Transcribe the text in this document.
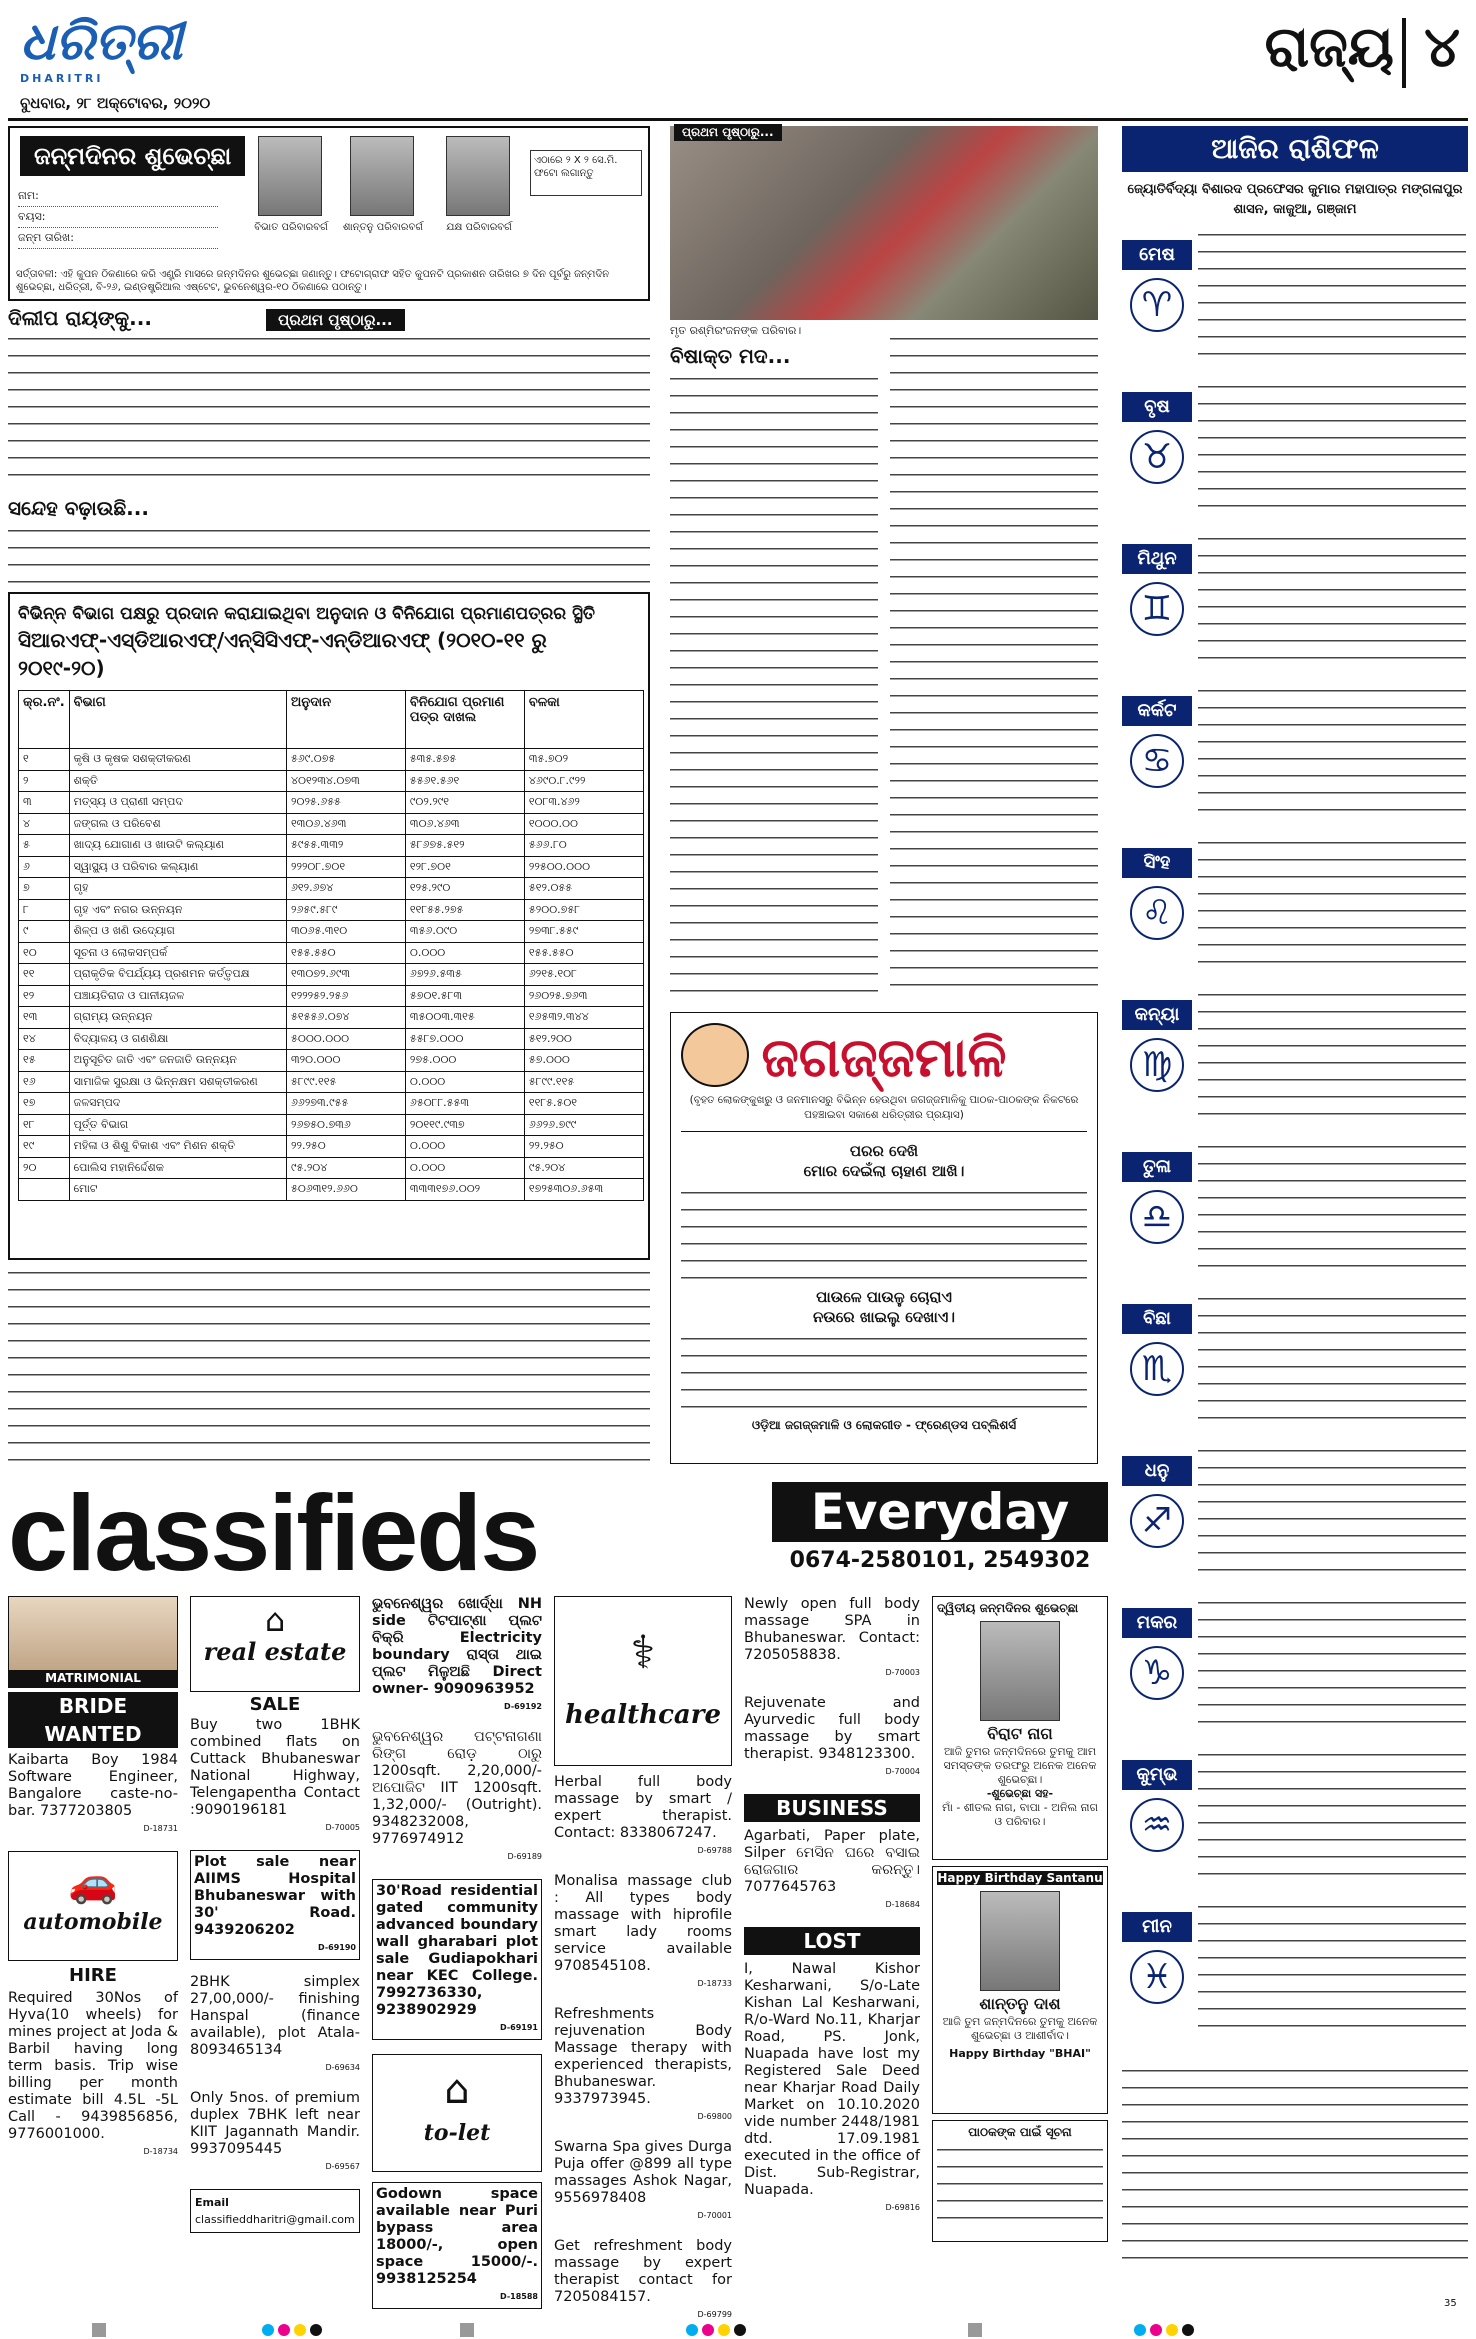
ଧରିତ୍ରୀ
DHARITRI
ବୁଧବାର, ୨୮ ଅକ୍ଟୋବର, ୨୦୨୦
ରାଜ୍ୟ ୪
ଜନ୍ମଦିନର ଶୁଭେଚ୍ଛା
ନାମ:
ବୟସ:
ଜନ୍ମ ତାରିଖ:
ବିଭାତ ପରିବାରବର୍ଗ	ଶାନ୍ତନୁ ପରିବାରବର୍ଗ	ଯକ୍ଷ ପରିବାରବର୍ଗ
ଏଠାରେ ୨ X ୨ ସେ.ମି. ଫଟୋ ଲଗାନ୍ତୁ
ସର୍ତ୍ତାବଳୀ: ଏହି କୁପନ ଠିକଣାରେ କରି ଏଣ୍ଟ୍ରି ମାସରେ ଜନ୍ମଦିନର ଶୁଭେଚ୍ଛା ଜଣାନ୍ତୁ। ଫଟୋଗ୍ରାଫ ସହିତ କୁପନଟି ପ୍ରକାଶନ ତାରିଖର ୭ ଦିନ ପୂର୍ବରୁ ଜନ୍ମଦିନ ଶୁଭେଚ୍ଛା, ଧରିତ୍ରୀ, ବି-୨୬, ଇଣ୍ଡଷ୍ଟ୍ରିଆଲ ଏଷ୍ଟେଟ, ଭୁବନେଶ୍ୱର-୧୦ ଠିକଣାରେ ପଠାନ୍ତୁ।
ଦିଲୀପ ରାୟଙ୍କୁ...	ପ୍ରଥମ ପୃଷ୍ଠାରୁ...
ସନ୍ଦେହ ବଢ଼ାଉଛି...
ବିଭିନ୍ନ ବିଭାଗ ପକ୍ଷରୁ ପ୍ରଦାନ କରାଯାଇଥିବା ଅନୁଦାନ ଓ ବିନିଯୋଗ ପ୍ରମାଣପତ୍ରର ସ୍ଥିତି
ସିଆରଏଫ୍-ଏସ୍ଡିଆରଏଫ୍/ଏନ୍ସିସିଏଫ୍-ଏନ୍ଡିଆରଏଫ୍ (୨୦୧୦-୧୧ ରୁ ୨୦୧୯-୨୦)
କ୍ର.ନଂ.	ବିଭାଗ	ଅନୁଦାନ	ବିନିଯୋଗ ପ୍ରମାଣ ପତ୍ର ଦାଖଲ	ବଳକା
୧	କୃଷି ଓ କୃଷକ ସଶକ୍ତୀକରଣ	୫୬୯.୦୭୫	୫୩୫.୫୭୫	୩୫.୭୦୨
୨	ଶକ୍ତି	୪୦୧୨୩୪.୦୭୩	୫୫୬୧.୫୬୧	୪୬୯୦.୮.୯୨୨
୩	ମତ୍ସ୍ୟ ଓ ପ୍ରାଣୀ ସମ୍ପଦ	୨୦୨୫.୬୫୫	୯୦୨.୨୯୧	୧୦୮୩.୪୬୨
୪	ଜଙ୍ଗଲ ଓ ପରିବେଶ	୧୩୦୬.୪୬୩	୩୦୬.୪୬୩	୧୦୦୦.୦୦
୫	ଖାଦ୍ୟ ଯୋଗାଣ ଓ ଖାଉଟି କଲ୍ୟାଣ	୫୯୫୫.୩୩୨	୫୮୬୭୫.୫୧୨	୫୬୬.୮୦
୬	ସ୍ୱାସ୍ଥ୍ୟ ଓ ପରିବାର କଲ୍ୟାଣ	୨୨୨୦୮.୭୦୧	୧୨୮.୭୦୧	୨୨୫୦୦.୦୦୦
୭	ଗୃହ	୬୧୨.୬୭୪	୧୨୫.୨୯୦	୫୧୨.୦୫୫
୮	ଗୃହ ଏବଂ ନଗର ଉନ୍ନୟନ	୨୬୫୯.୫୮୯	୧୧୮୫୫.୨୭୫	୫୨୦୦.୭୫୮
୯	ଶିଳ୍ପ ଓ ଖଣି ଉଦ୍ୟୋଗ	୩୦୬୫.୩୧୦	୩୫୬.୦୯୦	୨୭୩୮.୫୫୯
୧୦	ସୂଚନା ଓ ଲୋକସମ୍ପର୍କ	୧୫୫.୫୫୦	୦.୦୦୦	୧୫୫.୫୫୦
୧୧	ପ୍ରାକୃତିକ ବିପର୍ଯ୍ୟୟ ପ୍ରଶମନ କର୍ତ୍ତୃପକ୍ଷ	୧୩୦୭୨.୬୯୩	୬୭୨୬.୫୩୫	୬୨୧୫.୧୦୮
୧୨	ପଞ୍ଚାୟତିରାଜ ଓ ପାନୀୟଜଳ	୧୨୨୨୫୨.୨୫୬	୫୭୦୧.୫୮୩	୨୬୦୨୫.୭୬୩
୧୩	ଗ୍ରାମ୍ୟ ଉନ୍ନୟନ	୫୧୫୫୬.୦୭୪	୩୫୦୦୩.୩୧୫	୧୬୫୩୨.୩୪୪
୧୪	ବିଦ୍ୟାଳୟ ଓ ଗଣଶିକ୍ଷା	୫୦୦୦.୦୦୦	୫୫୮୭.୦୦୦	୫୧୨.୨୦୦
୧୫	ଅନୁସୂଚିତ ଜାତି ଏବଂ ଜନଜାତି ଉନ୍ନୟନ	୩୨୦.୦୦୦	୨୭୫.୦୦୦	୫୭.୦୦୦
୧୬	ସାମାଜିକ ସୁରକ୍ଷା ଓ ଭିନ୍ନକ୍ଷମ ସଶକ୍ତୀକରଣ	୫୮୯୯.୧୧୫	୦.୦୦୦	୫୮୯୯.୧୧୫
୧୭	ଜଳସମ୍ପଦ	୬୬୨୭୩.୯୫୫	୬୫୦୮୮.୫୫୩	୧୧୮୫.୫୦୧
୧୮	ପୂର୍ତ୍ତ ବିଭାଗ	୨୬୭୫୦.୭୩୬	୨୦୧୧୯.୯୩୭	୬୬୨୬.୭୯୯
୧୯	ମହିଳା ଓ ଶିଶୁ ବିକାଶ ଏବଂ ମିଶନ ଶକ୍ତି	୨୨.୨୫୦	୦.୦୦୦	୨୨.୨୫୦
୨୦	ପୋଲିସ ମହାନିର୍ଦ୍ଦେଶକ	୯୫.୨୦୪	୦.୦୦୦	୯୫.୨୦୪
	ମୋଟ	୫୦୬୩୧୨.୬୬୦	୩୩୩୧୭୬.୦୦୨	୧୭୨୫୩୦୬.୬୫୩
ପ୍ରଥମ ପୃଷ୍ଠାରୁ...
ମୃତ ରଶ୍ମିରଂଜନଙ୍କ ପରିବାର।
ବିଷାକ୍ତ ମଦ...
ଜଗଜ୍ଜମାଳି
(ବୃହତ ଲୋକଙ୍କୁଖରୁ ଓ ଜନମାନସରୁ ବିଭିନ୍ନ ହେଉଥିବା ଜଗଜ୍ଜମାଳିକୁ ପାଠକ-ପାଠକଙ୍କ ନିକଟରେ ପହଞ୍ଚାଇବା ସକାଶେ ଧରିତ୍ରୀର ପ୍ରୟାସ)
ପରର ଦେଖି
ମୋର ଦେଇଁଲା ଚାହାଣ ଆଖି।
ପାଉଳେ ପାଉଳୁ ଚୋରାଏ
ନଉରେ ଖାଇଲୁ ଦେଖାଏ।
ଓଡ଼ିଆ ଜଗଜ୍ଜମାଳି ଓ ଲୋକଗୀତ - ଫ୍ରେଣ୍ଡସ ପବ୍ଲିଶର୍ସ
ଆଜିର ରାଶିଫଳ
ଜ୍ୟୋତିର୍ବିଦ୍ୟା ବିଶାରଦ ପ୍ରଫେସର କୁମାର ମହାପାତ୍ର ମଙ୍ଗଳାପୁର ଶାସନ, କାଜୁଆ, ଗଞ୍ଜାମ
ମେଷ
♈
ବୃଷ
♉
ମିଥୁନ
♊
କର୍କଟ
♋
ସିଂହ
♌
କନ୍ୟା
♍
ତୁଳା
♎
ବିଛା
♏
ଧନୁ
♐
ମକର
♑
କୁମ୍ଭ
♒
ମୀନ
♓
classifieds	Everyday
0674-2580101, 2549302
MATRIMONIAL
BRIDE WANTED
Kaibarta Boy 1984 Software Engineer, Bangalore caste-no-bar. 7377203805
D-18731
🚗
automobile
HIRE
Required 30Nos of Hyva(10 wheels) for mines project at Joda & Barbil having long term basis. Trip wise billing per month estimate bill 4.5L -5L Call - 9439856856, 9776001000.
D-18734
⌂
real estate
SALE
Buy two 1BHK combined flats on Cuttack Bhubaneswar National Highway, Telengapentha Contact :9090196181
D-70005
Plot sale near AIIMS Hospital Bhubaneswar with 30' Road. 9439206202
D-69190
2BHK simplex 27,00,000/- finishing Hanspal (finance available), plot Atala-8093465134
D-69634
Only 5nos. of premium duplex 7BHK left near KIIT Jagannath Mandir. 9937095445
D-69567
Email
classifieddharitri@gmail.com
ଭୁବନେଶ୍ୱର ଖୋର୍ଦ୍ଧା NH side ଟିଟପାଟ୍ଣା ପ୍ଲଟ ବିକ୍ରି Electricity boundary ରାସ୍ତା ଥାଇ ପ୍ଲଟ ମିଳୁଅଛି Direct owner- 9090963952
D-69192
ଭୁବନେଶ୍ୱର ପଟ୍ଟନାଗଣା ରିଙ୍ଗ ରୋଡ଼ ଠାରୁ 1200sqft. 2,20,000/- ଅପୋଜିଟ IIT 1200sqft. 1,32,000/- (Outright). 9348232008, 9776974912
D-69189
30'Road residential gated community advanced boundary wall gharabari plot sale Gudiapokhari near KEC College. 7992736330, 9238902929
D-69191
⌂
to-let
Godown space available near Puri bypass area 18000/-, open space 15000/-. 9938125254
D-18588
⚕
healthcare
Herbal full body massage by smart / expert therapist. Contact: 8338067247.
D-69788
Monalisa massage club : All types body massage with hiprofile smart lady rooms service available 9708545108.
D-18733
Refreshments rejuvenation Body Massage therapy with experienced therapists, Bhubaneswar. 9337973945.
D-69800
Swarna Spa gives Durga Puja offer @899 all type massages Ashok Nagar, 9556978408
D-70001
Get refreshment body massage by expert therapist contact for 7205084157.
D-69799
Newly open full body massage SPA in Bhubaneswar. Contact: 7205058838.
D-70003
Rejuvenate and Ayurvedic full body massage by smart therapist. 9348123300.
D-70004
BUSINESS
Agarbati, Paper plate, Silper ମେସିନ ଘରେ ବସାଇ ରୋଜଗାର କରନ୍ତୁ। 7077645763
D-18684
LOST
I, Nawal Kishor Kesharwani, S/o-Late Kishan Lal Kesharwani, R/o-Ward No.11, Kharjar Road, PS. Jonk, Nuapada have lost my Registered Sale Deed near Kharjar Road Daily Market on 10.10.2020 vide number 2448/1981 dtd. 17.09.1981 executed in the office of Dist. Sub-Registrar, Nuapada.
D-69816
ଦ୍ୱିତୀୟ ଜନ୍ମଦିନର ଶୁଭେଚ୍ଛା
ବିରାଟ ନାଗ
ଆଜି ତୁମର ଜନ୍ମଦିନରେ ତୁମକୁ ଆମ ସମସ୍ତଙ୍କ ତରଫରୁ ଅନେକ ଅନେକ ଶୁଭେଚ୍ଛା।
-ଶୁଭେଚ୍ଛା ସହ-
ମାଁ - ଶୀତଲ ନାଗ, ବାପା - ଅନିଲ ନାଗ ଓ ପରିବାର।
Happy Birthday Santanu
ଶାନ୍ତନୁ ଦାଶ
ଆଜି ତୁମ ଜନ୍ମଦିନରେ ତୁମକୁ ଅନେକ ଶୁଭେଚ୍ଛା ଓ ଆଶୀର୍ବାଦ।
Happy Birthday "BHAI"
ପାଠକଙ୍କ ପାଇଁ ସୂଚନା
35
